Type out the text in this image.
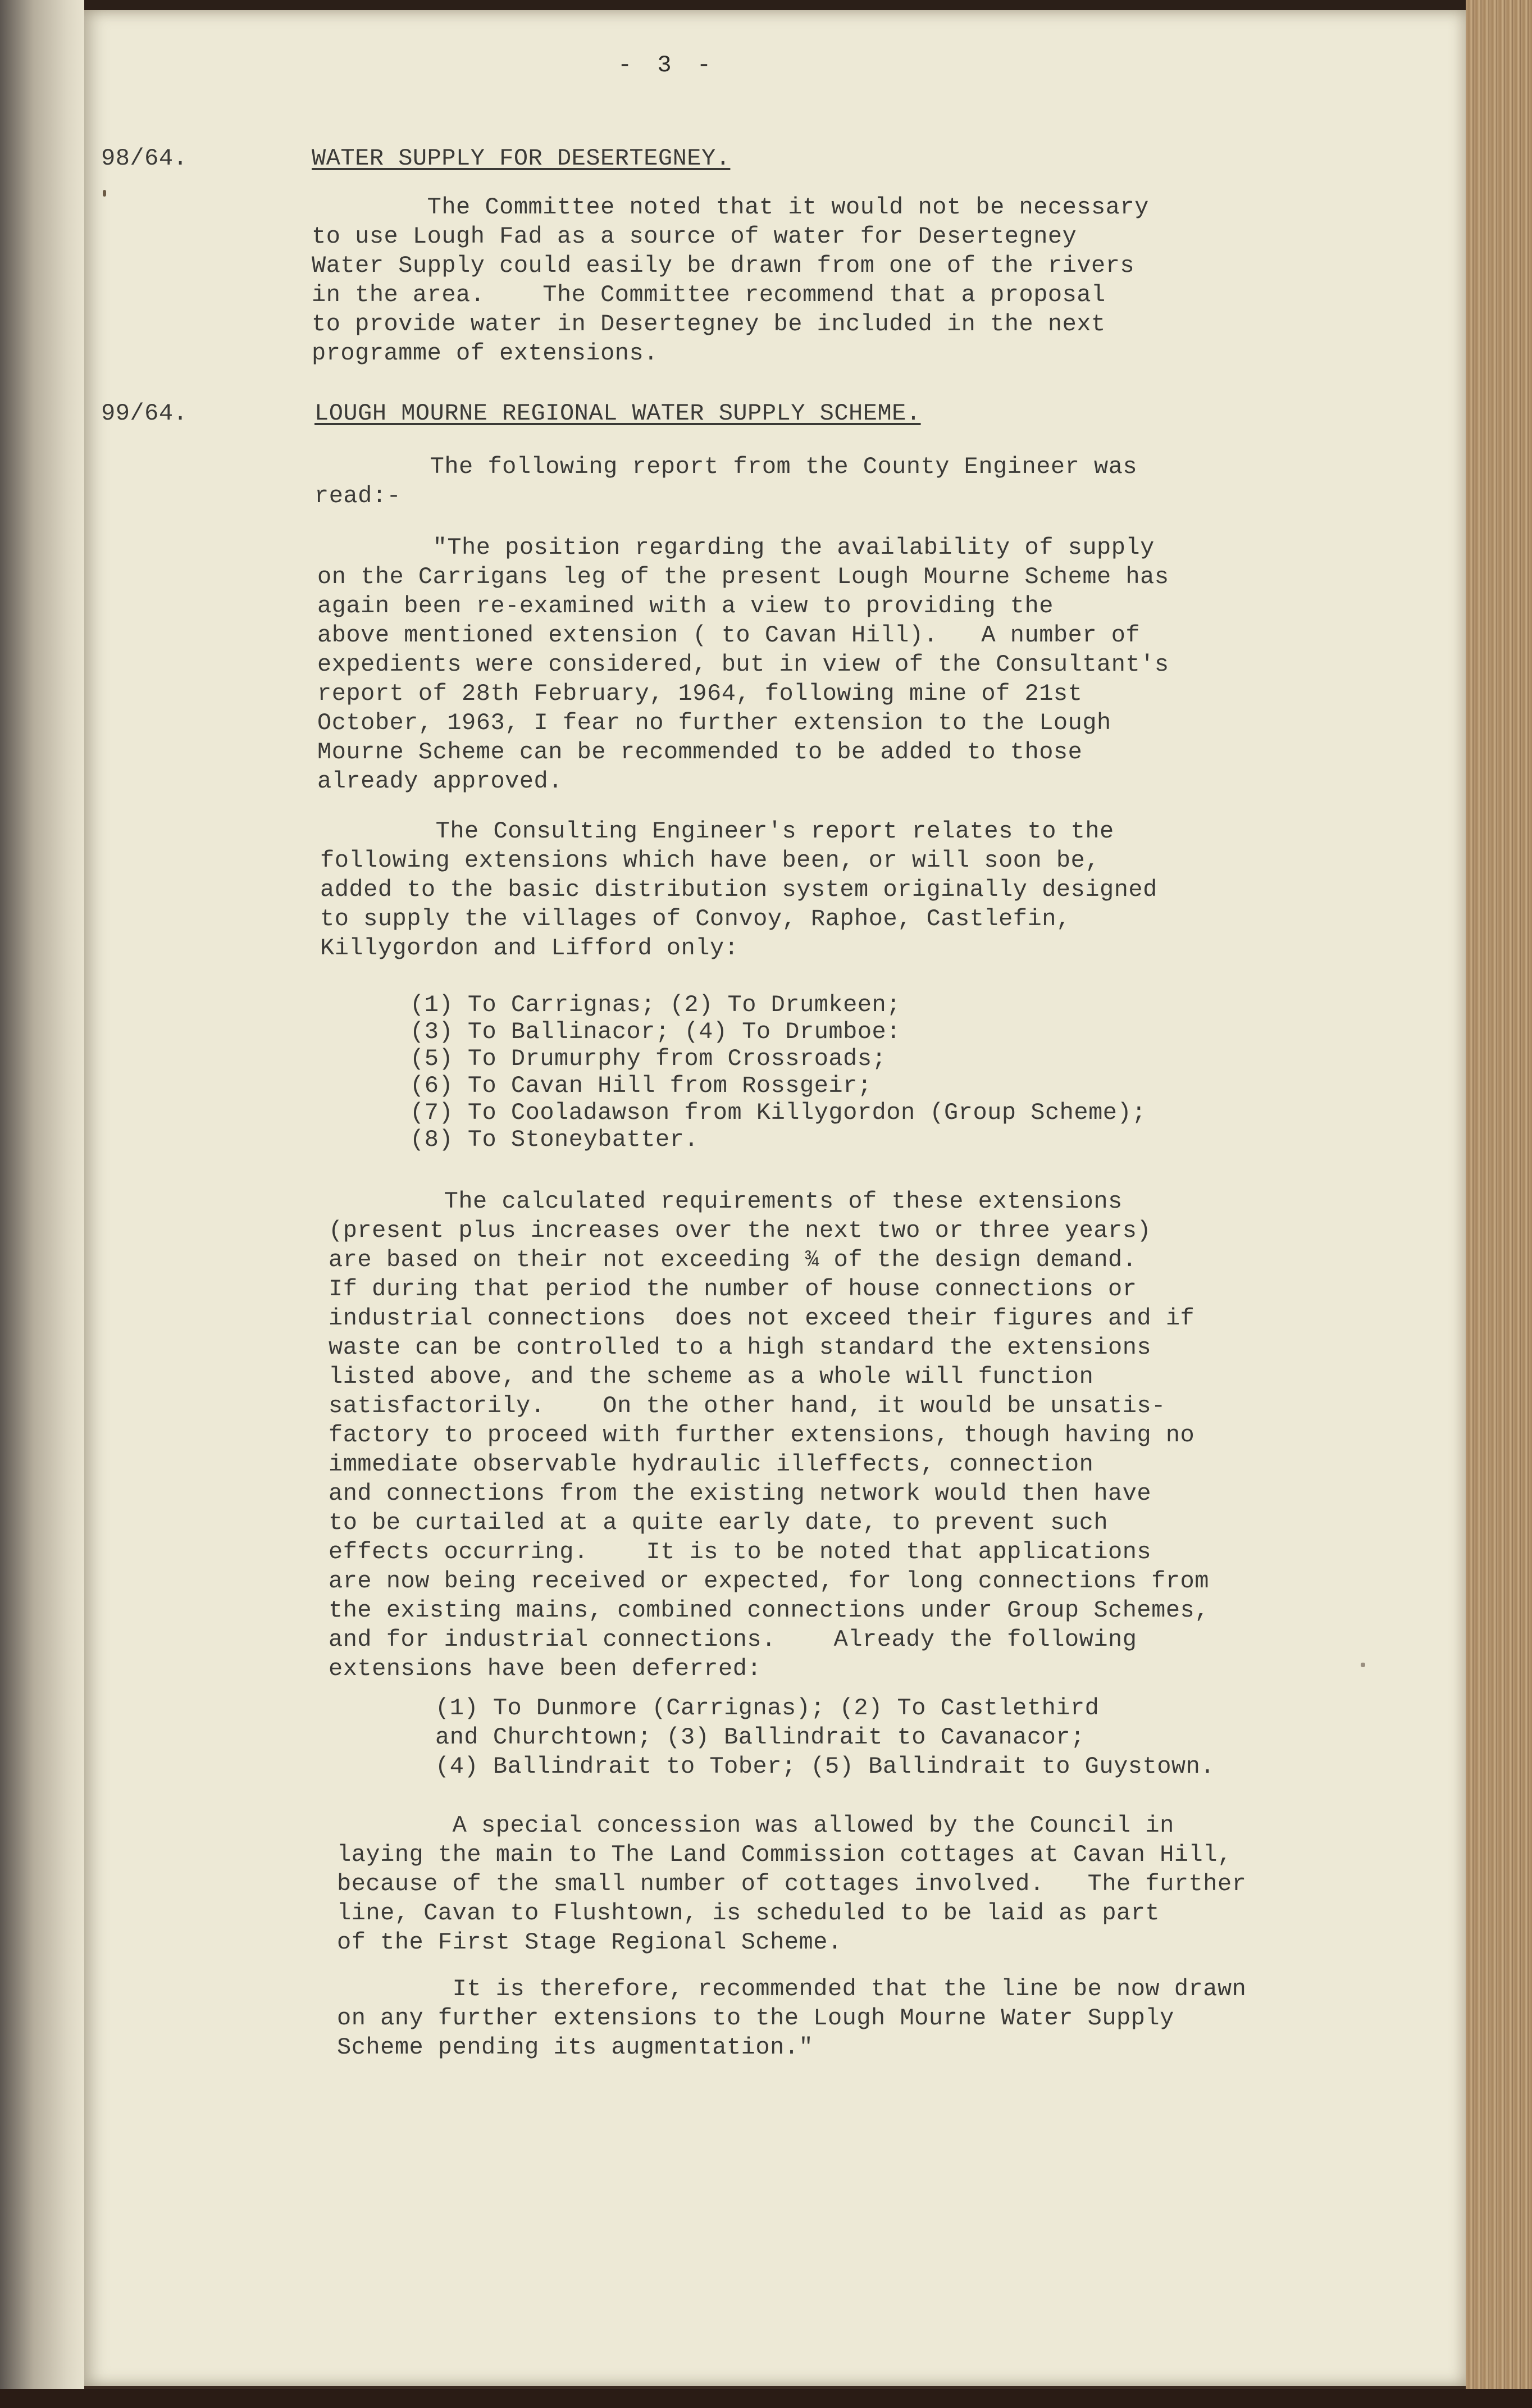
- 3 -
98/64.	WATER SUPPLY FOR DESERTEGNEY.
The Committee noted that it would not be necessary
to use Lough Fad as a source of water for Desertegney
Water Supply could easily be drawn from one of the rivers
in the area.    The Committee recommend that a proposal
to provide water in Desertegney be included in the next
programme of extensions.
99/64.	LOUGH MOURNE REGIONAL WATER SUPPLY SCHEME.
The following report from the County Engineer was
read:-
"The position regarding the availability of supply
on the Carrigans leg of the present Lough Mourne Scheme has
again been re-examined with a view to providing the
above mentioned extension ( to Cavan Hill).   A number of
expedients were considered, but in view of the Consultant's
report of 28th February, 1964, following mine of 21st
October, 1963, I fear no further extension to the Lough
Mourne Scheme can be recommended to be added to those
already approved.
The Consulting Engineer's report relates to the
following extensions which have been, or will soon be,
added to the basic distribution system originally designed
to supply the villages of Convoy, Raphoe, Castlefin,
Killygordon and Lifford only:
(1) To Carrignas; (2) To Drumkeen;
(3) To Ballinacor; (4) To Drumboe:
(5) To Drumurphy from Crossroads;
(6) To Cavan Hill from Rossgeir;
(7) To Cooladawson from Killygordon (Group Scheme);
(8) To Stoneybatter.
The calculated requirements of these extensions
(present plus increases over the next two or three years)
are based on their not exceeding ¾ of the design demand.
If during that period the number of house connections or
industrial connections  does not exceed their figures and if
waste can be controlled to a high standard the extensions
listed above, and the scheme as a whole will function
satisfactorily.    On the other hand, it would be unsatis-
factory to proceed with further extensions, though having no
immediate observable hydraulic illeffects, connection
and connections from the existing network would then have
to be curtailed at a quite early date, to prevent such
effects occurring.    It is to be noted that applications
are now being received or expected, for long connections from
the existing mains, combined connections under Group Schemes,
and for industrial connections.    Already the following
extensions have been deferred:
(1) To Dunmore (Carrignas); (2) To Castlethird
and Churchtown; (3) Ballindrait to Cavanacor;
(4) Ballindrait to Tober; (5) Ballindrait to Guystown.
A special concession was allowed by the Council in
laying the main to The Land Commission cottages at Cavan Hill,
because of the small number of cottages involved.   The further
line, Cavan to Flushtown, is scheduled to be laid as part
of the First Stage Regional Scheme.
It is therefore, recommended that the line be now drawn
on any further extensions to the Lough Mourne Water Supply
Scheme pending its augmentation."
